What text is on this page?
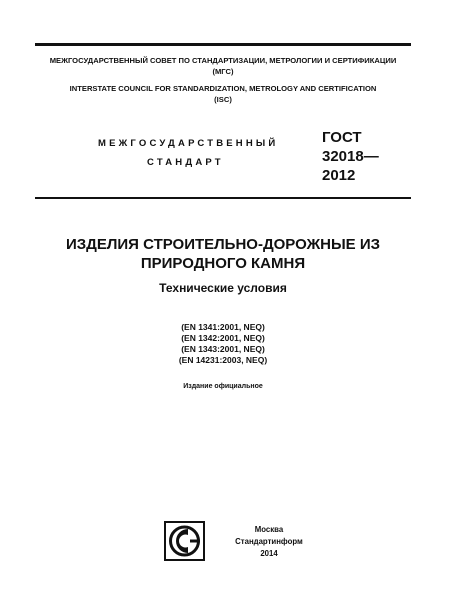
МЕЖГОСУДАРСТВЕННЫЙ СОВЕТ ПО СТАНДАРТИЗАЦИИ, МЕТРОЛОГИИ И СЕРТИФИКАЦИИ
(МГС)
INTERSTATE COUNCIL FOR STANDARDIZATION, METROLOGY AND CERTIFICATION
(ISC)
МЕЖГОСУДАРСТВЕННЫЙ
СТАНДАРТ
ГОСТ
32018—
2012
ИЗДЕЛИЯ СТРОИТЕЛЬНО-ДОРОЖНЫЕ ИЗ
ПРИРОДНОГО КАМНЯ
Технические условия
(EN 1341:2001, NEQ)
(EN 1342:2001, NEQ)
(EN 1343:2001, NEQ)
(EN 14231:2003, NEQ)
Издание официальное
Москва
Стандартинформ
2014
